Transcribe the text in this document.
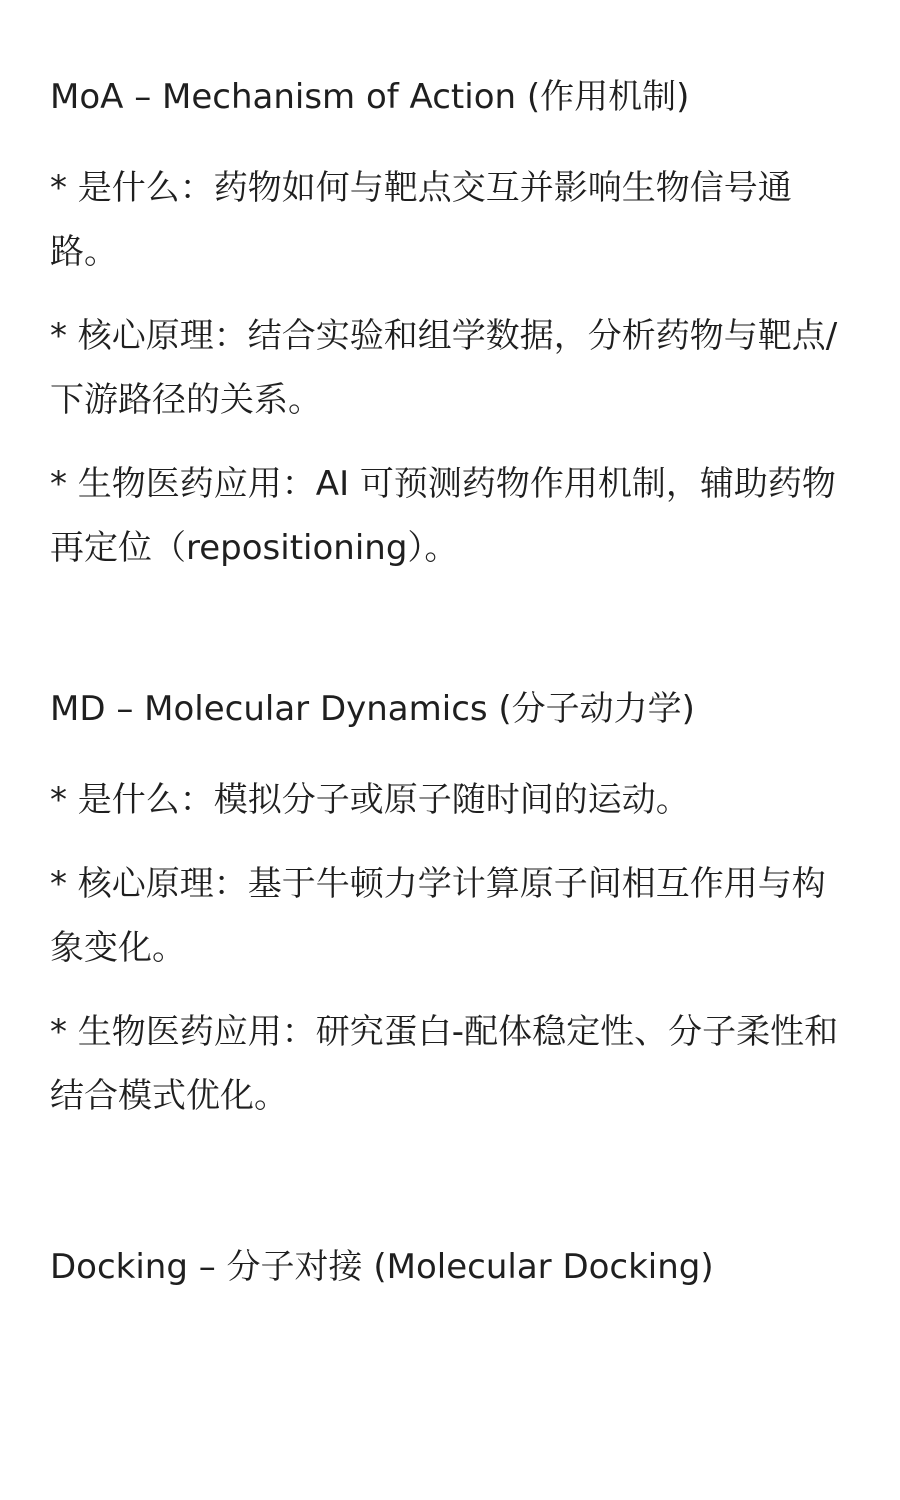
MoA – Mechanism of Action (作用机制)

* 是什么：药物如何与靶点交互并影响生物信号通路。

* 核心原理：结合实验和组学数据，分析药物与靶点/下游路径的关系。

* 生物医药应用：AI 可预测药物作用机制，辅助药物再定位（repositioning）。

MD – Molecular Dynamics (分子动力学)

* 是什么：模拟分子或原子随时间的运动。

* 核心原理：基于牛顿力学计算原子间相互作用与构象变化。

* 生物医药应用：研究蛋白-配体稳定性、分子柔性和结合模式优化。

Docking – 分子对接 (Molecular Docking)
